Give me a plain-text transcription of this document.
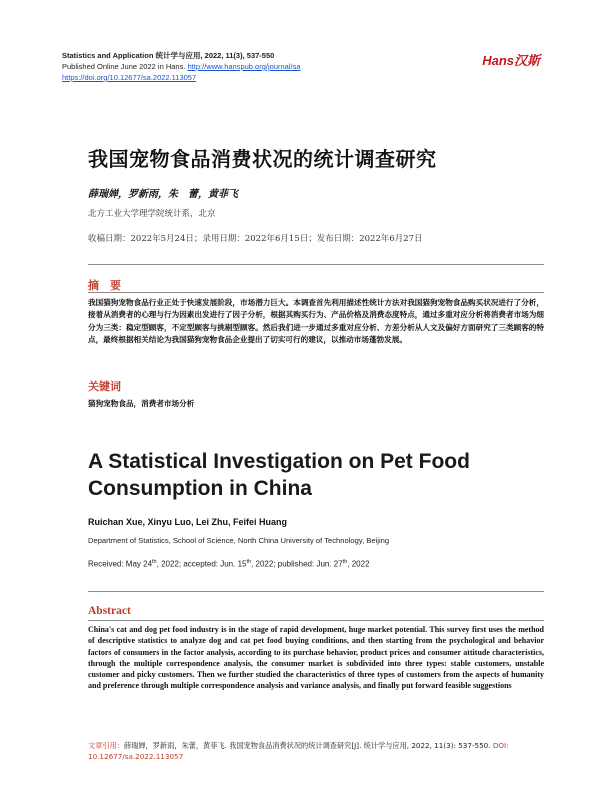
Statistics and Application 统计学与应用, 2022, 11(3), 537-550
Published Online June 2022 in Hans. http://www.hanspub.org/journal/sa
https://doi.org/10.12677/sa.2022.113057
Hans汉斯
我国宠物食品消费状况的统计调查研究
薛瑞婵，罗新雨，朱　蕾，黄菲飞
北方工业大学理学院统计系，北京
收稿日期：2022年5月24日；录用日期：2022年6月15日；发布日期：2022年6月27日
摘　要
我国猫狗宠物食品行业正处于快速发展阶段，市场潜力巨大。本调查首先利用描述性统计方法对我国猫狗宠物食品购买状况进行了分析，接着从消费者的心理与行为因素出发进行了因子分析，根据其购买行为、产品价格及消费态度特点，通过多重对应分析将消费者市场为细分为三类：稳定型顾客，不定型顾客与挑剔型顾客。然后我们进一步通过多重对应分析、方差分析从人文及偏好方面研究了三类顾客的特点，最终根据相关结论为我国猫狗宠物食品企业提出了切实可行的建议，以推动市场蓬勃发展。
关键词
猫狗宠物食品，消费者市场分析
A Statistical Investigation on Pet Food Consumption in China
Ruichan Xue, Xinyu Luo, Lei Zhu, Feifei Huang
Department of Statistics, School of Science, North China University of Technology, Beijing
Received: May 24th, 2022; accepted: Jun. 15th, 2022; published: Jun. 27th, 2022
Abstract
China's cat and dog pet food industry is in the stage of rapid development, huge market potential. This survey first uses the method of descriptive statistics to analyze dog and cat pet food buying conditions, and then starting from the psychological and behavior factors of consumers in the factor analysis, according to its purchase behavior, product prices and consumer attitude characteristics, through the multiple correspondence analysis, the consumer market is subdivided into three types: stable customers, unstable customer and picky customers. Then we further studied the characteristics of three types of customers from the aspects of humanity and preference through multiple correspondence analysis and variance analysis, and finally put forward feasible suggestions
文章引用：薛瑞婵，罗新雨，朱蕾，黄菲飞. 我国宠物食品消费状况的统计调查研究[J]. 统计学与应用, 2022, 11(3): 537-550. DOI: 10.12677/sa.2022.113057
